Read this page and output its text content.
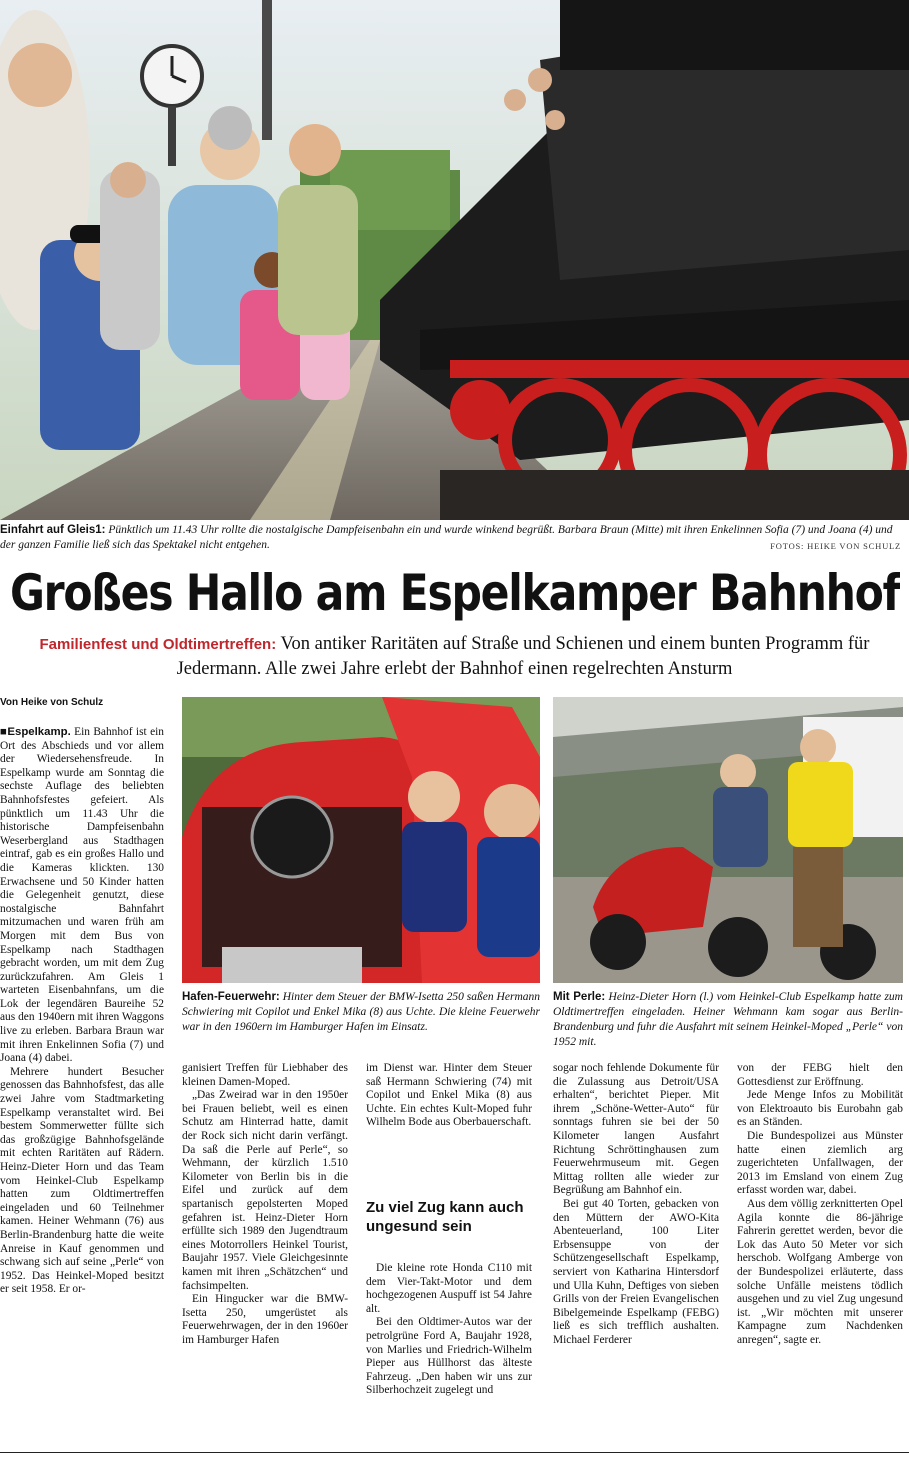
Einfahrt auf Gleis1: Pünktlich um 11.43 Uhr rollte die nostalgische Dampfeisenbahn ein und wurde winkend begrüßt. Barbara Braun (Mitte) mit ihren Enkelinnen Sofia (7) und Joana (4) und der ganzen Familie ließ sich das Spektakel nicht entgehen.	FOTOS: HEIKE VON SCHULZ
Großes Hallo am Espelkamper Bahnhof
Familienfest und Oldtimertreffen: Von antiker Raritäten auf Straße und Schienen und einem bunten Programm für Jedermann. Alle zwei Jahre erlebt der Bahnhof einen regelrechten Ansturm
Von Heike von Schulz
Hafen-Feuerwehr: Hinter dem Steuer der BMW-Isetta 250 saßen Hermann Schwiering mit Copilot und Enkel Mika (8) aus Uchte. Die kleine Feuerwehr war in den 1960ern im Hamburger Hafen im Einsatz.
Mit Perle: Heinz-Dieter Horn (l.) vom Heinkel-Club Espelkamp hatte zum Oldtimertreffen eingeladen. Heiner Wehmann kam sogar aus Berlin-Brandenburg und fuhr die Ausfahrt mit seinem Heinkel-Moped „Perle“ von 1952 mit.

■Espelkamp. Ein Bahnhof ist ein Ort des Abschieds und vor allem der Wiedersehensfreude. In Espelkamp wurde am Sonntag die sechste Auflage des beliebten Bahnhofsfestes gefeiert. Als pünktlich um 11.43 Uhr die historische Dampfeisenbahn Weserbergland aus Stadthagen eintraf, gab es ein großes Hallo und die Kameras klickten. 130 Erwachsene und 50 Kinder hatten die Gelegenheit genutzt, diese nostalgische Bahnfahrt mitzumachen und waren früh am Morgen mit dem Bus von Espelkamp nach Stadthagen gebracht worden, um mit dem Zug zurückzufahren. Am Gleis 1 warteten Eisenbahnfans, um die Lok der legendären Baureihe 52 aus den 1940ern mit ihren Waggons live zu erleben. Barbara Braun war mit ihren Enkelinnen Sofia (7) und Joana (4) dabei.

Mehrere hundert Besucher genossen das Bahnhofsfest, das alle zwei Jahre vom Stadtmarketing Espelkamp veranstaltet wird. Bei bestem Sommerwetter füllte sich das großzügige Bahnhofsgelände mit echten Raritäten auf Rädern. Heinz-Dieter Horn und das Team vom Heinkel-Club Espelkamp hatten zum Oldtimertreffen eingeladen und 60 Teilnehmer kamen. Heiner Wehmann (76) aus Berlin-Brandenburg hatte die weite Anreise in Kauf genommen und schwang sich auf seine „Perle“ von 1952. Das Heinkel-Moped besitzt er seit 1958. Er or-

ganisiert Treffen für Liebhaber des kleinen Damen-Moped.

„Das Zweirad war in den 1950er bei Frauen beliebt, weil es einen Schutz am Hinterrad hatte, damit der Rock sich nicht darin verfängt. Da saß die Perle auf Perle“, so Wehmann, der kürzlich 1.510 Kilometer von Berlin bis in die Eifel und zurück auf dem spartanisch gepolsterten Moped gefahren ist. Heinz-Dieter Horn erfüllte sich 1989 den Jugendtraum eines Motorrollers Heinkel Tourist, Baujahr 1957. Viele Gleichgesinnte kamen mit ihren „Schätzchen“ und fachsimpelten.

Ein Hingucker war die BMW-Isetta 250, umgerüstet als Feuerwehrwagen, der in den 1960er im Hamburger Hafen

im Dienst war. Hinter dem Steuer saß Hermann Schwiering (74) mit Copilot und Enkel Mika (8) aus Uchte. Ein echtes Kult-Moped fuhr Wilhelm Bode aus Oberbauerschaft.

Zu viel Zug kann auch ungesund sein

Die kleine rote Honda C110 mit dem Vier-Takt-Motor und dem hochgezogenen Auspuff ist 54 Jahre alt.

Bei den Oldtimer-Autos war der petrolgrüne Ford A, Baujahr 1928, von Marlies und Friedrich-Wilhelm Pieper aus Hüllhorst das älteste Fahrzeug. „Den haben wir uns zur Silberhochzeit zugelegt und

sogar noch fehlende Dokumente für die Zulassung aus Detroit/USA erhalten“, berichtet Pieper. Mit ihrem „Schöne-Wetter-Auto“ für sonntags fuhren sie bei der 50 Kilometer langen Ausfahrt Richtung Schröttinghausen zum Feuerwehrmuseum mit. Gegen Mittag rollten alle wieder zur Begrüßung am Bahnhof ein.

Bei gut 40 Torten, gebacken von den Müttern der AWO-Kita Abenteuerland, 100 Liter Erbsensuppe von der Schützengesellschaft Espelkamp, serviert von Katharina Hintersdorf und Ulla Kuhn, Deftiges von sieben Grills von der Freien Evangelischen Bibelgemeinde Espelkamp (FEBG) ließ es sich trefflich aushalten. Michael Ferderer

von der FEBG hielt den Gottesdienst zur Eröffnung.

Jede Menge Infos zu Mobilität von Elektroauto bis Eurobahn gab es an Ständen.

Die Bundespolizei aus Münster hatte einen ziemlich arg zugerichteten Unfallwagen, der 2013 im Emsland von einem Zug erfasst worden war, dabei.

Aus dem völlig zerknitterten Opel Agila konnte die 86-jährige Fahrerin gerettet werden, bevor die Lok das Auto 50 Meter vor sich herschob. Wolfgang Amberge von der Bundespolizei erläuterte, dass solche Unfälle meistens tödlich ausgehen und zu viel Zug ungesund ist. „Wir möchten mit unserer Kampagne zum Nachdenken anregen“, sagte er.
